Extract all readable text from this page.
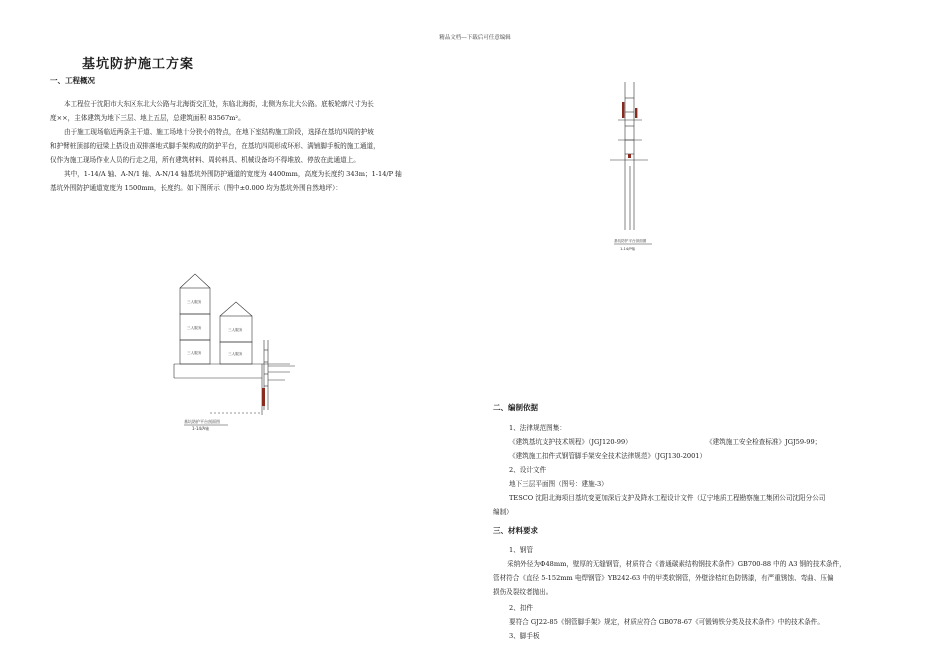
精品文档---下载后可任意编辑
基坑防护施工方案
一、工程概况
本工程位于沈阳市大东区东北大公路与北海街交汇处，东临北海街，北侧为东北大公路。底板轮廓尺寸为长
度××，主体建筑为地下三层、地上五层，总建筑面积 83567m²。
由于施工现场临近两条主干道、施工场地十分狭小的特点，在地下室结构施工阶段，选择在基坑四周的护坡
和护臂桩顶部的冠梁上搭设由双排落地式脚手架构成的防护平台，在基坑四周形成环形、满铺脚手板的施工通道，
仅作为施工现场作业人员的行走之用，所有建筑材料、周转料具、机械设备均不得堆放、停放在此通道上。
其中，1-14/A 轴、A-N/1 轴、A-N/14 轴基坑外围防护通道的宽度为 4400mm，高度为长度约 343m；1-14/P 轴
基坑外围防护通道宽度为 1500mm，长度约。如下图所示（图中±0.000 均为基坑外围自然地坪）：
三人服务
三人服务
三人服务
三人服务
三人服务
基坑防护平台剖面图
1-14/A轴
基坑防护平台剖面图
1-14/P轴
二、编制依据
1、法律规范图集：
《建筑基坑支护技术规程》（JGJ120-99）	《建筑施工安全检查标准》JGJ59-99；
《建筑施工扣件式钢管脚手架安全技术法律规范》（JGJ130-2001）
2、设计文件
地下三层平面图（图号：建施-3）
TESCO 沈阳北海项目基坑变更加深后支护及降水工程设计文件（辽宁地质工程勘察施工集团公司沈阳分公司
编制）
三、材料要求
1、钢管
采纳外径为Ф48mm，壁厚的无缝钢管，材质符合《普通碳素结构钢技术条件》GB700-88 中的 A3 钢的技术条件，
管材符合《直径 5-152mm 电焊钢管》YB242-63 中的甲类软钢管，外壁涂桔红色防锈漆，有严重锈蚀、弯曲、压偏
损伤及裂纹者抛出。
2、扣件
要符合 GJ22-85《钢管脚手架》规定，材质应符合 GB078-67《可锻铸铁分类及技术条件》中的技术条件。
3、脚手板
